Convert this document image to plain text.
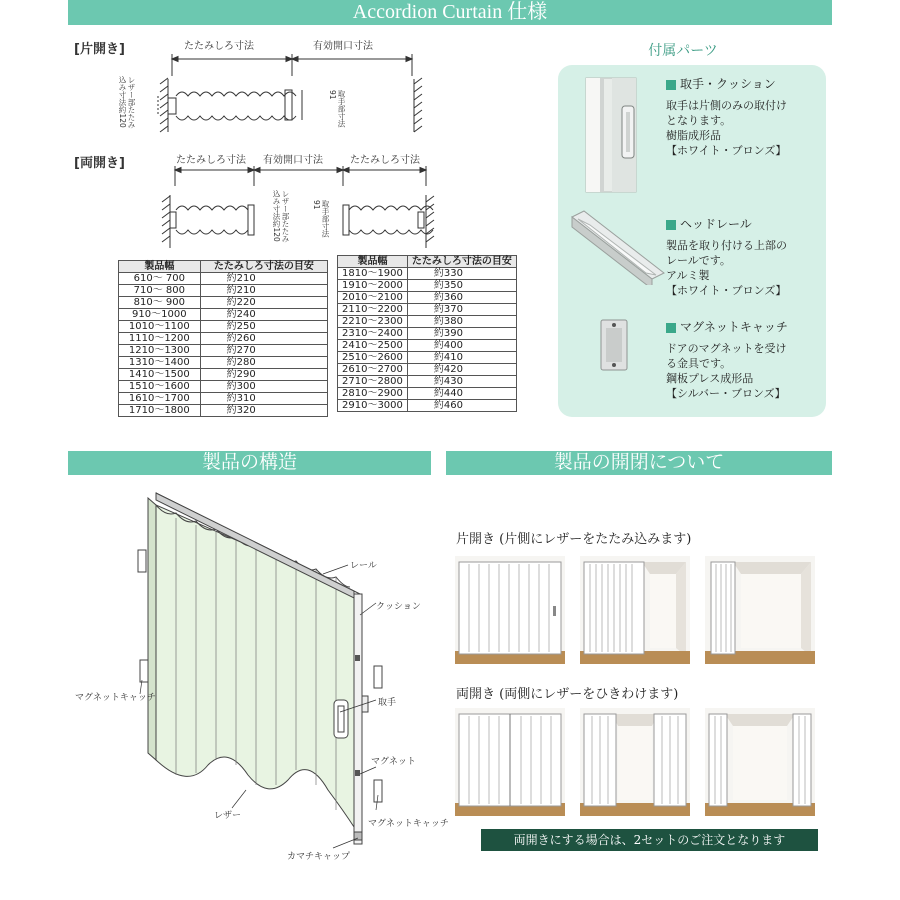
Accordion Curtain 仕様
[片開き]	たたみしろ寸法	有効開口寸法
レザー部たたみ込み寸法約120	取手部寸法91
[両開き]	たたみしろ寸法 有効開口寸法	たたみしろ寸法
レザー部たたみ込み寸法約120	取手部寸法91
製品幅	たたみしろ寸法の目安
610〜 700	約210
710〜 800	約210
810〜 900	約220
910〜1000	約240
1010〜1100	約250
1110〜1200	約260
1210〜1300	約270
1310〜1400	約280
1410〜1500	約290
1510〜1600	約300
1610〜1700	約310
1710〜1800	約320
製品幅	たたみしろ寸法の目安
1810〜1900	約330
1910〜2000	約350
2010〜2100	約360
2110〜2200	約370
2210〜2300	約380
2310〜2400	約390
2410〜2500	約400
2510〜2600	約410
2610〜2700	約420
2710〜2800	約430
2810〜2900	約440
2910〜3000	約460
付属パーツ
取手・クッション
取手は片側のみの取付け
となります。
樹脂成形品
【ホワイト・ブロンズ】
ヘッドレール
製品を取り付ける上部の
レールです。
アルミ製
【ホワイト・ブロンズ】
マグネットキャッチ
ドアのマグネットを受け
る金具です。
鋼板プレス成形品
【シルバー・ブロンズ】
製品の構造	製品の開閉について
レール
クッション
マグネットキャッチ	取手
マグネット
レザー
マグネットキャッチ
カマチキャップ
片開き (片側にレザーをたたみ込みます)
両開き (両側にレザーをひきわけます)
両開きにする場合は、2セットのご注文となります
